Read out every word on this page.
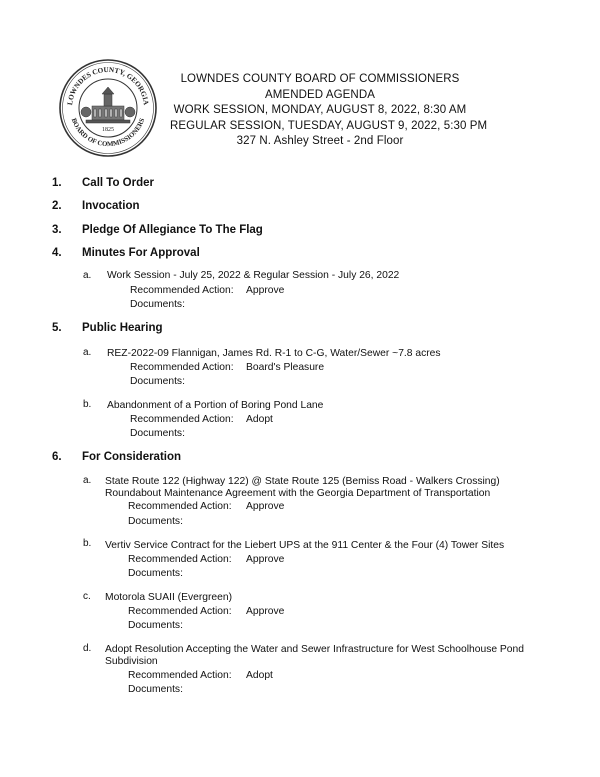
LOWNDES COUNTY, GEORGIA
BOARD OF COMMISSIONERS
1825
LOWNDES COUNTY BOARD OF COMMISSIONERS
AMENDED AGENDA
WORK SESSION, MONDAY, AUGUST 8, 2022, 8:30 AM
REGULAR SESSION, TUESDAY, AUGUST 9, 2022, 5:30 PM
327 N. Ashley Street - 2nd Floor
1. Call To Order
2. Invocation
3. Pledge Of Allegiance To The Flag
4. Minutes For Approval
a. Work Session - July 25, 2022 & Regular Session - July 26, 2022
Recommended Action: Approve
Documents:
5. Public Hearing
a. REZ-2022-09 Flannigan, James Rd. R-1 to C-G, Water/Sewer ~7.8 acres
Recommended Action: Board's Pleasure
Documents:
b. Abandonment of a Portion of Boring Pond Lane
Recommended Action: Adopt
Documents:
6. For Consideration
a. State Route 122 (Highway 122) @ State Route 125 (Bemiss Road - Walkers Crossing)
Roundabout Maintenance Agreement with the Georgia Department of Transportation
Recommended Action: Approve
Documents:
b. Vertiv Service Contract for the Liebert UPS at the 911 Center & the Four (4) Tower Sites
Recommended Action: Approve
Documents:
c. Motorola SUAII (Evergreen)
Recommended Action: Approve
Documents:
d. Adopt Resolution Accepting the Water and Sewer Infrastructure for West Schoolhouse Pond
Subdivision
Recommended Action: Adopt
Documents:
